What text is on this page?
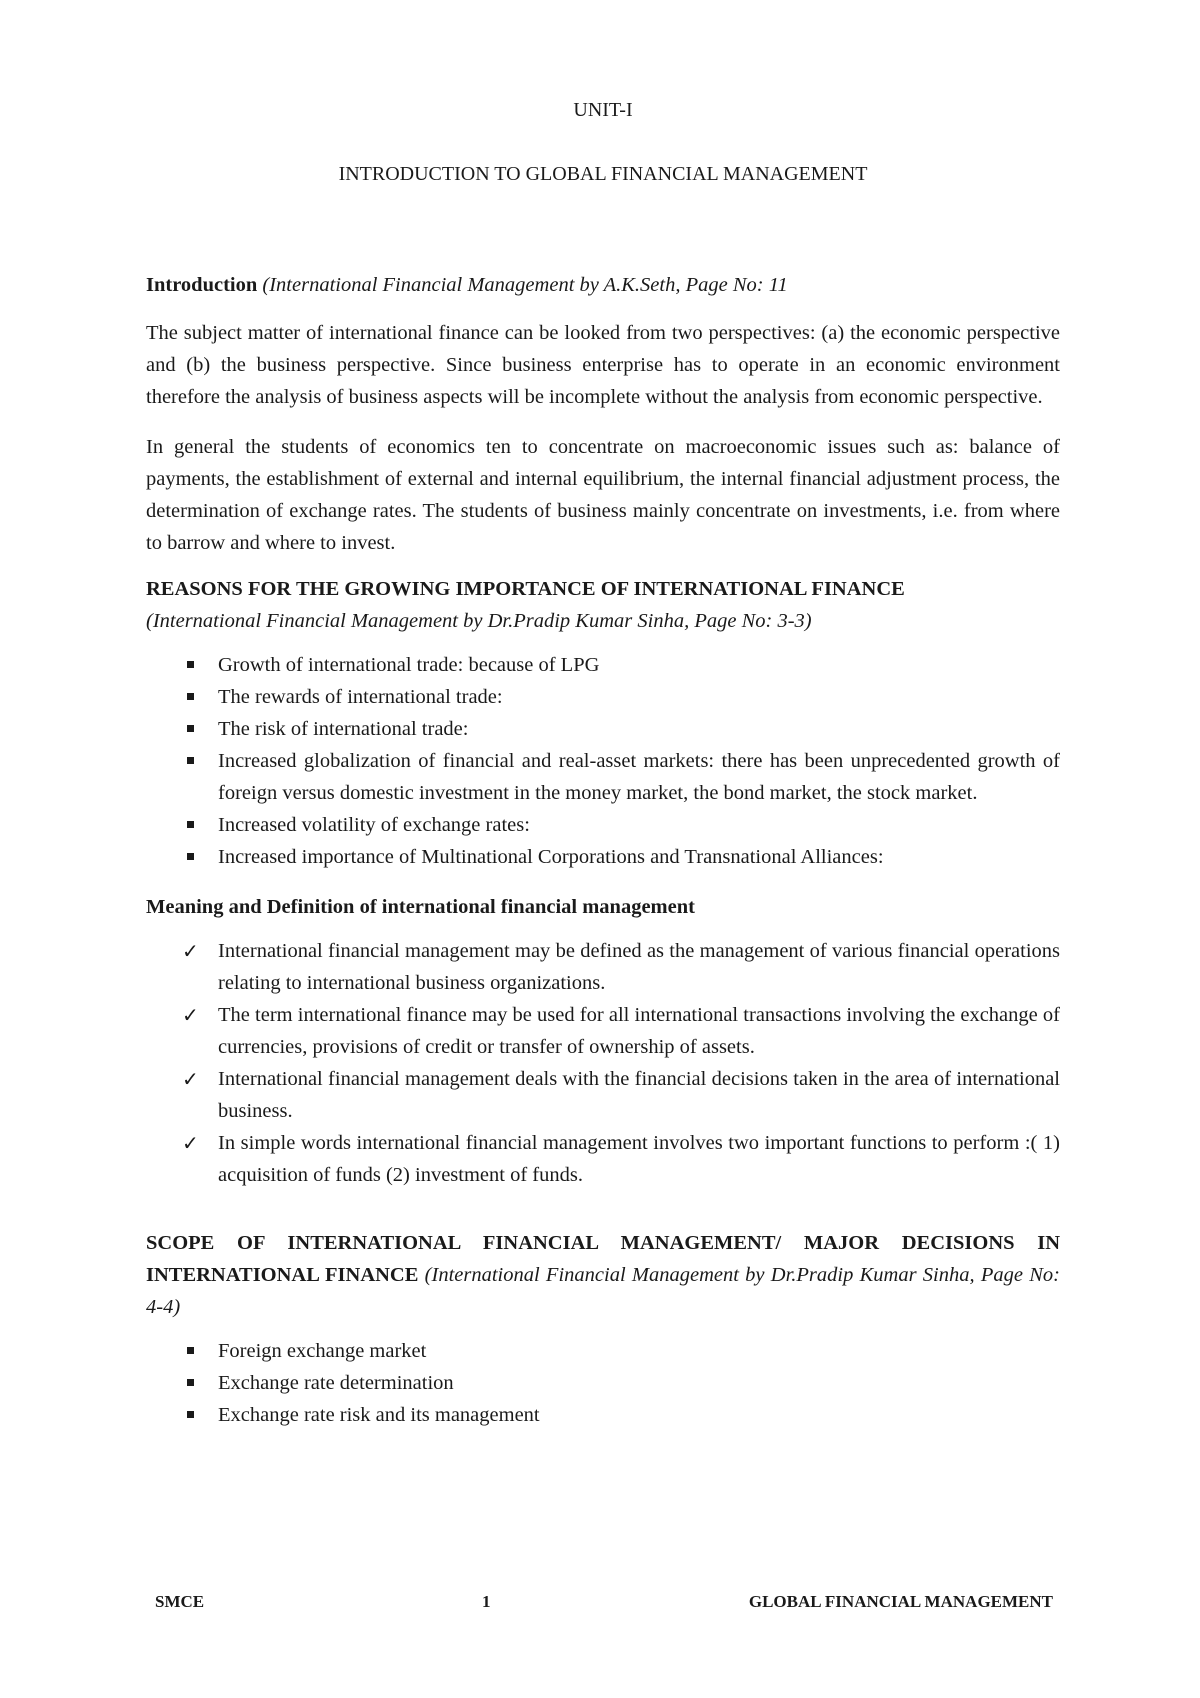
UNIT-I

INTRODUCTION TO GLOBAL FINANCIAL MANAGEMENT

Introduction (International Financial Management by A.K.Seth, Page No: 11

The subject matter of international finance can be looked from two perspectives: (a) the economic perspective and (b) the business perspective. Since business enterprise has to operate in an economic environment therefore the analysis of business aspects will be incomplete without the analysis from economic perspective.

In general the students of economics ten to concentrate on macroeconomic issues such as: balance of payments, the establishment of external and internal equilibrium, the internal financial adjustment process, the determination of exchange rates. The students of business mainly concentrate on investments, i.e. from where to barrow and where to invest.

REASONS FOR THE GROWING IMPORTANCE OF INTERNATIONAL FINANCE

(International Financial Management by Dr.Pradip Kumar Sinha, Page No: 3-3)

Growth of international trade: because of LPG
The rewards of international trade:
The risk of international trade:
Increased globalization of financial and real-asset markets: there has been unprecedented growth of foreign versus domestic investment in the money market, the bond market, the stock market.
Increased volatility of exchange rates:
Increased importance of Multinational Corporations and Transnational Alliances:

Meaning and Definition of international financial management

✓ International financial management may be defined as the management of various financial operations relating to international business organizations.
✓ The term international finance may be used for all international transactions involving the exchange of currencies, provisions of credit or transfer of ownership of assets.
✓ International financial management deals with the financial decisions taken in the area of international business.
✓ In simple words international financial management involves two important functions to perform :( 1) acquisition of funds (2) investment of funds.

SCOPE OF INTERNATIONAL FINANCIAL MANAGEMENT/ MAJOR DECISIONS IN INTERNATIONAL FINANCE (International Financial Management by Dr.Pradip Kumar Sinha, Page No: 4-4)

Foreign exchange market
Exchange rate determination
Exchange rate risk and its management
SMCE	1	GLOBAL FINANCIAL MANAGEMENT
